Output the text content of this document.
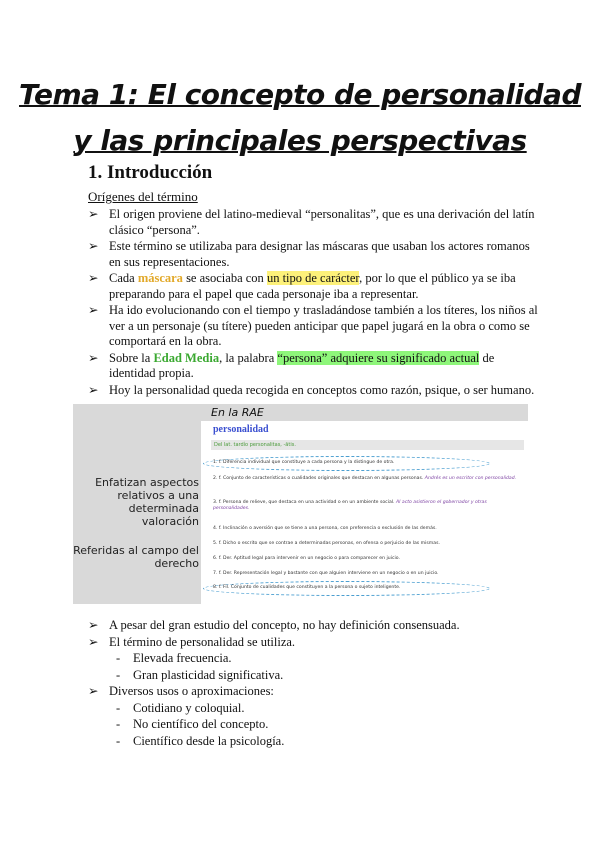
Tema 1: El concepto de personalidad
y las principales perspectivas
1. Introducción
Orígenes del término
➢ El origen proviene del latino-medieval “personalitas”, que es una derivación del latín clásico “persona”.
➢ Este término se utilizaba para designar las máscaras que usaban los actores romanos en sus representaciones.
➢ Cada máscara se asociaba con un tipo de carácter, por lo que el público ya se iba preparando para el papel que cada personaje iba a representar.
➢ Ha ido evolucionando con el tiempo y trasladándose también a los títeres, los niños al ver a un personaje (su títere) pueden anticipar que papel jugará en la obra o como se comportará en la obra.
➢ Sobre la Edad Media, la palabra “persona” adquiere su significado actual de identidad propia.
➢ Hoy la personalidad queda recogida en conceptos como razón, psique, o ser humano.
En la RAE
Enfatizan aspectos relativos a una determinada valoración
Referidas al campo del derecho
personalidad
Del lat. tardío personalitas, -ātis.
1. f. Diferencia individual que constituye a cada persona y la distingue de otra.
2. f. Conjunto de características o cualidades originales que destacan en algunas personas. Andrés es un escritor con personalidad.
3. f. Persona de relieve, que destaca en una actividad o en un ambiente social. Al acto asistieron el gobernador y otras personalidades.
4. f. Inclinación o aversión que se tiene a una persona, con preferencia o exclusión de las demás.
5. f. Dicho o escrito que se contrae a determinadas personas, en ofensa o perjuicio de las mismas.
6. f. Der. Aptitud legal para intervenir en un negocio o para comparecer en juicio.
7. f. Der. Representación legal y bastante con que alguien interviene en un negocio o en un juicio.
8. f. Fil. Conjunto de cualidades que constituyen a la persona o sujeto inteligente.
➢ A pesar del gran estudio del concepto, no hay definición consensuada.
➢ El término de personalidad se utiliza.
- Elevada frecuencia.
- Gran plasticidad significativa.
➢ Diversos usos o aproximaciones:
- Cotidiano y coloquial.
- No científico del concepto.
- Científico desde la psicología.
